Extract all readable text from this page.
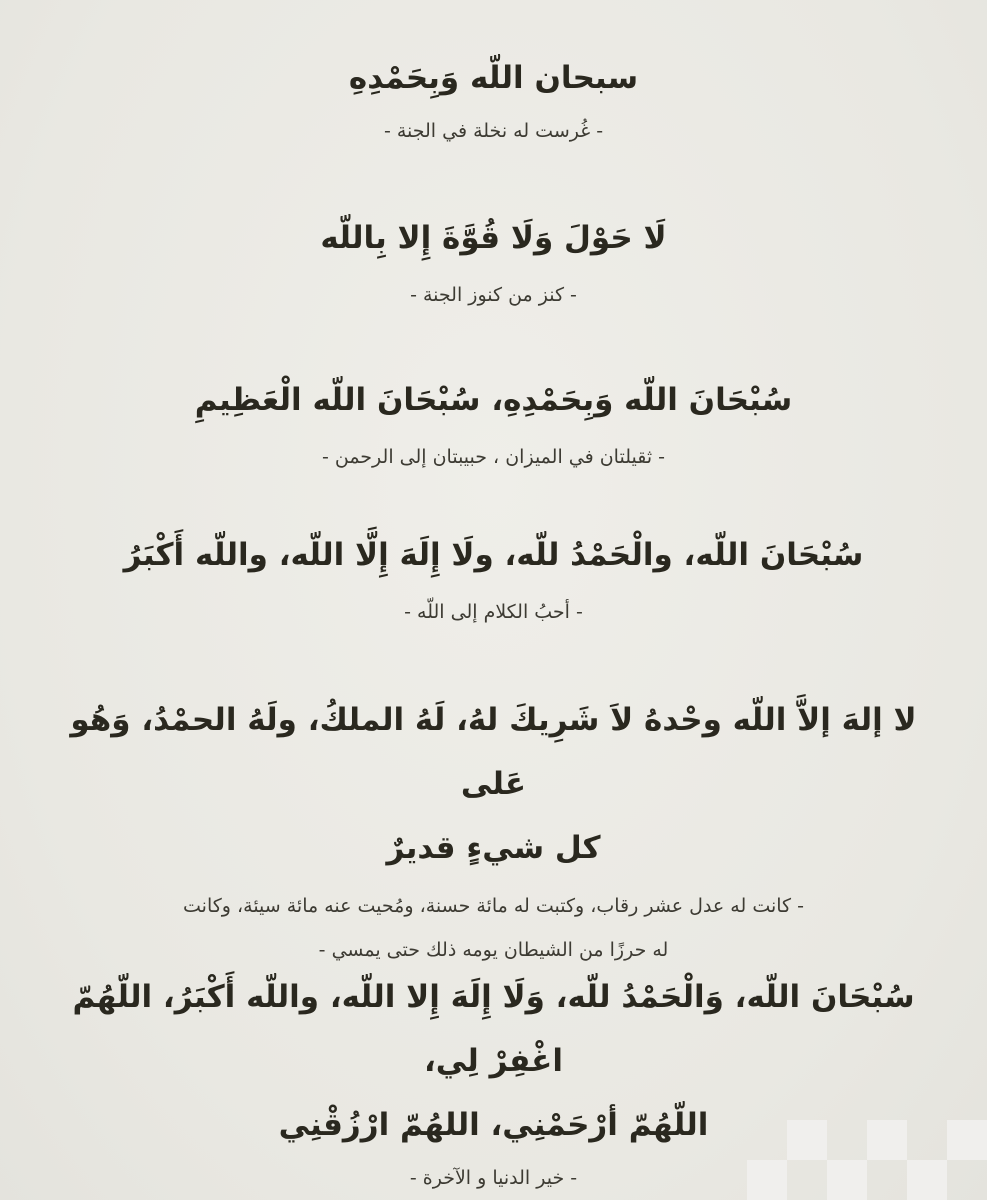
سبحان اللّه وَبِحَمْدِهِ

- غُرست له نخلة في الجنة -

لَا حَوْلَ وَلَا قُوَّةَ إِلا بِاللّه

- كنز من كنوز الجنة -

سُبْحَانَ اللّه وَبِحَمْدِهِ، سُبْحَانَ اللّه الْعَظِيمِ

- ثقيلتان في الميزان ، حبيبتان إلى الرحمن -

سُبْحَانَ اللّه، والْحَمْدُ للّه، ولَا إِلَهَ إِلَّا اللّه، واللّه أَكْبَرُ

- أحبُ الكلام إلى اللّه -

لا إلهَ إلاَّ اللّه وحْدهُ لاَ شَرِيكَ لهُ، لَهُ الملكُ، ولَهُ الحمْدُ، وَهُو عَلى

كل شيءٍ قديرٌ

- كانت له عدل عشر رقاب، وكتبت له مائة حسنة، ومُحيت عنه مائة سيئة، وكانت

له حرزًا من الشيطان يومه ذلك حتى يمسي -

سُبْحَانَ اللّه، وَالْحَمْدُ للّه، وَلَا إِلَهَ إِلا اللّه، واللّه أَكْبَرُ، اللّهُمّ اغْفِرْ لِي،

اللّهُمّ أرْحَمْنِي، اللهُمّ ارْزُقْنِي

- خير الدنيا و الآخرة -
